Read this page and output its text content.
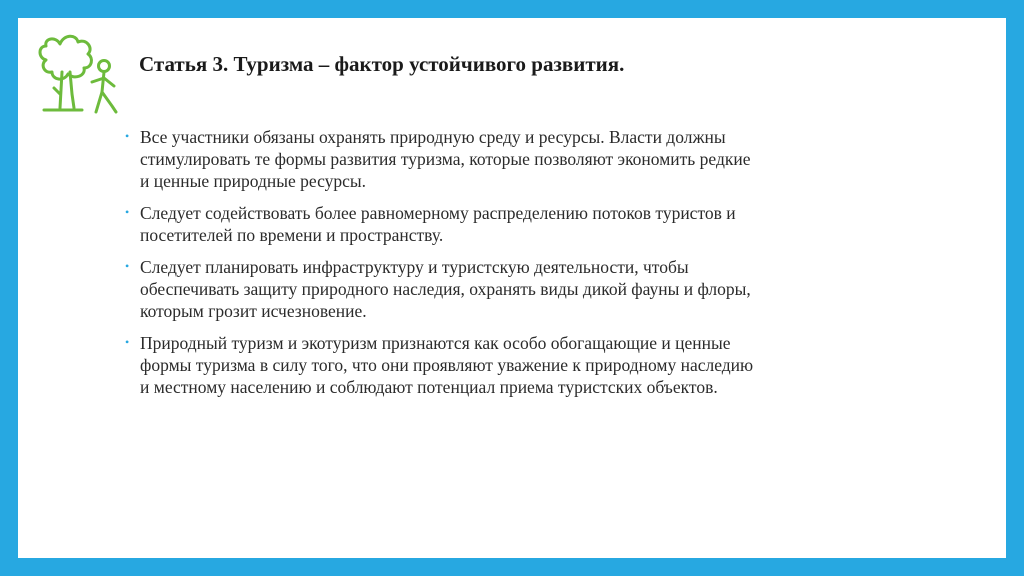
Статья 3. Туризма – фактор устойчивого развития.
• Все участники обязаны охранять природную среду и ресурсы. Власти должны стимулировать те формы развития туризма, которые позволяют экономить редкие и ценные природные ресурсы.
• Следует содействовать более равномерному распределению потоков туристов и посетителей по времени и пространству.
• Следует планировать инфраструктуру и туристскую деятельности, чтобы обеспечивать защиту природного наследия, охранять виды дикой фауны и флоры, которым грозит исчезновение.
• Природный туризм и экотуризм признаются как особо обогащающие и ценные формы туризма в силу того, что они проявляют уважение к природному наследию и местному населению и соблюдают потенциал приема туристских объектов.
